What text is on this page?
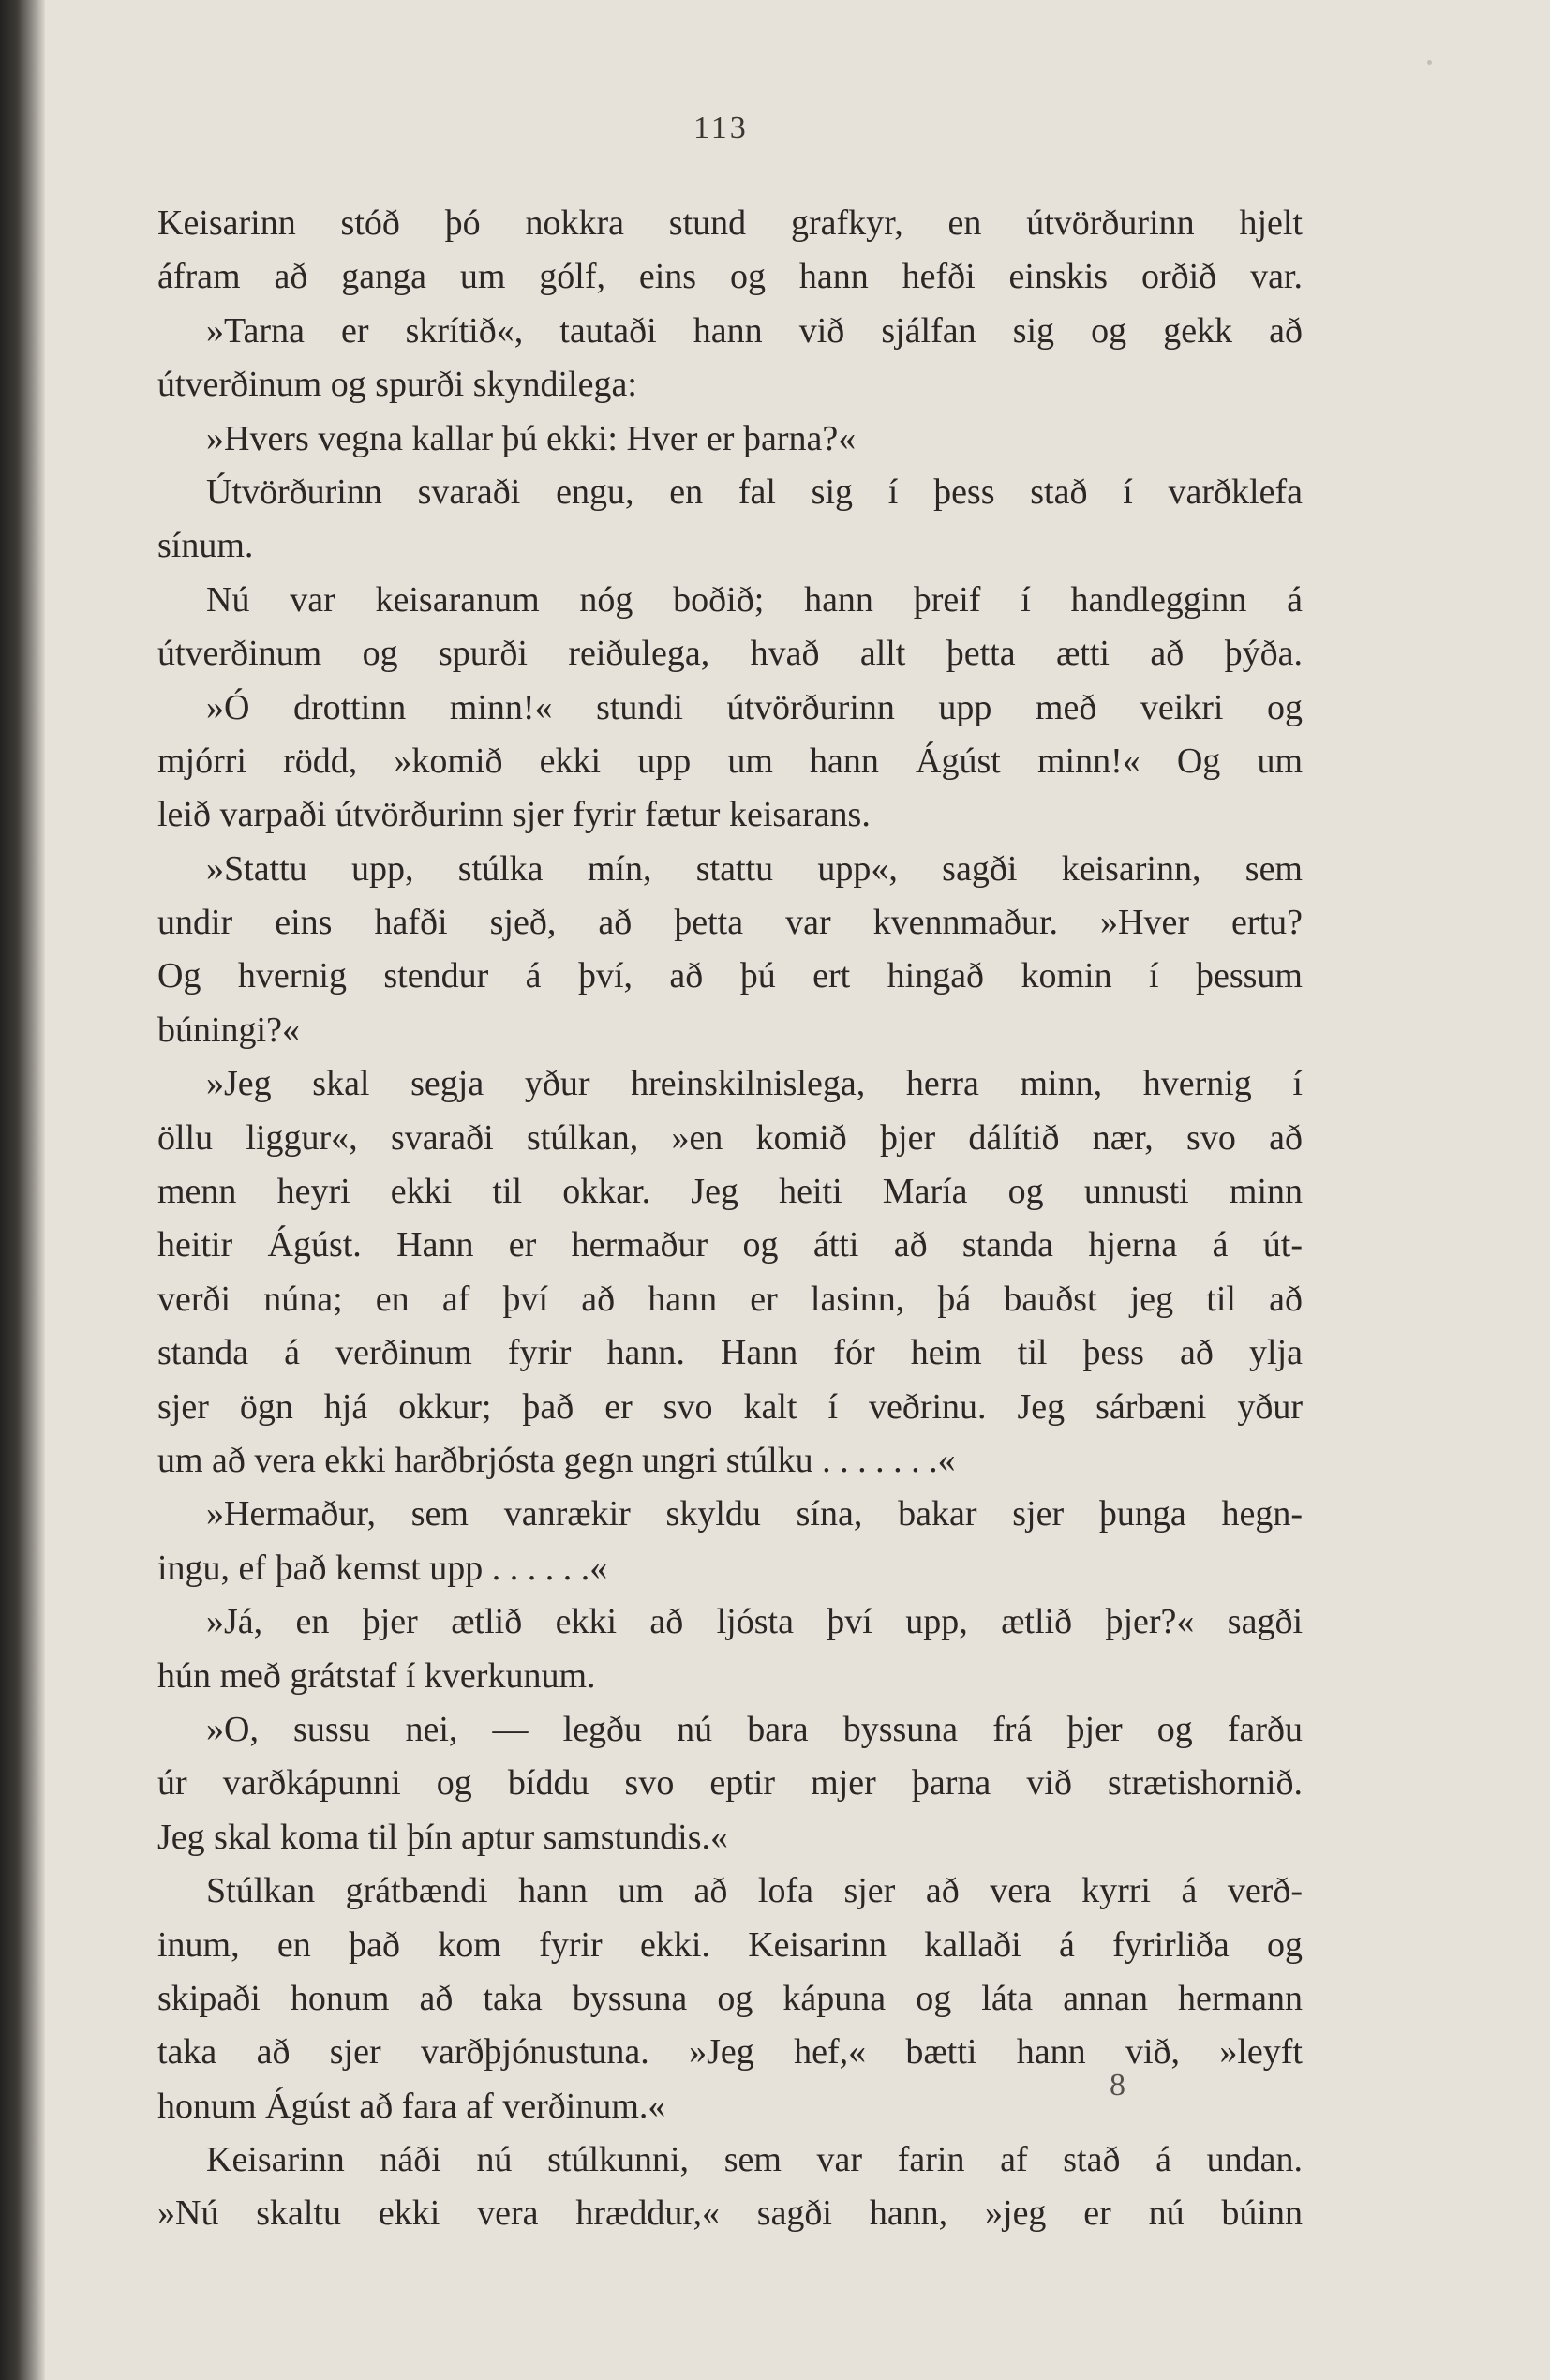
113
Keisarinn stóð þó nokkra stund grafkyr, en útvörðurinn hjelt
áfram að ganga um gólf, eins og hann hefði einskis orðið var.
»Tarna er skrítið«, tautaði hann við sjálfan sig og gekk að
útverðinum og spurði skyndilega:
»Hvers vegna kallar þú ekki: Hver er þarna?«
Útvörðurinn svaraði engu, en fal sig í þess stað í varðklefa
sínum.
Nú var keisaranum nóg boðið; hann þreif í handlegginn á
útverðinum og spurði reiðulega, hvað allt þetta ætti að þýða.
»Ó drottinn minn!« stundi útvörðurinn upp með veikri og
mjórri rödd, »komið ekki upp um hann Ágúst minn!« Og um
leið varpaði útvörðurinn sjer fyrir fætur keisarans.
»Stattu upp, stúlka mín, stattu upp«, sagði keisarinn, sem
undir eins hafði sjeð, að þetta var kvennmaður. »Hver ertu?
Og hvernig stendur á því, að þú ert hingað komin í þessum
búningi?«
»Jeg skal segja yður hreinskilnislega, herra minn, hvernig í
öllu liggur«, svaraði stúlkan, »en komið þjer dálítið nær, svo að
menn heyri ekki til okkar. Jeg heiti María og unnusti minn
heitir Ágúst. Hann er hermaður og átti að standa hjerna á út-
verði núna; en af því að hann er lasinn, þá bauðst jeg til að
standa á verðinum fyrir hann. Hann fór heim til þess að ylja
sjer ögn hjá okkur; það er svo kalt í veðrinu. Jeg sárbæni yður
um að vera ekki harðbrjósta gegn ungri stúlku . . . . . . .«
»Hermaður, sem vanrækir skyldu sína, bakar sjer þunga hegn-
ingu, ef það kemst upp . . . . . .«
»Já, en þjer ætlið ekki að ljósta því upp, ætlið þjer?« sagði
hún með grátstaf í kverkunum.
»O, sussu nei, — legðu nú bara byssuna frá þjer og farðu
úr varðkápunni og bíddu svo eptir mjer þarna við strætishornið.
Jeg skal koma til þín aptur samstundis.«
Stúlkan grátbændi hann um að lofa sjer að vera kyrri á verð-
inum, en það kom fyrir ekki. Keisarinn kallaði á fyrirliða og
skipaði honum að taka byssuna og kápuna og láta annan hermann
taka að sjer varðþjónustuna. »Jeg hef,« bætti hann við, »leyft
honum Ágúst að fara af verðinum.«
Keisarinn náði nú stúlkunni, sem var farin af stað á undan.
»Nú skaltu ekki vera hræddur,« sagði hann, »jeg er nú búinn
8
